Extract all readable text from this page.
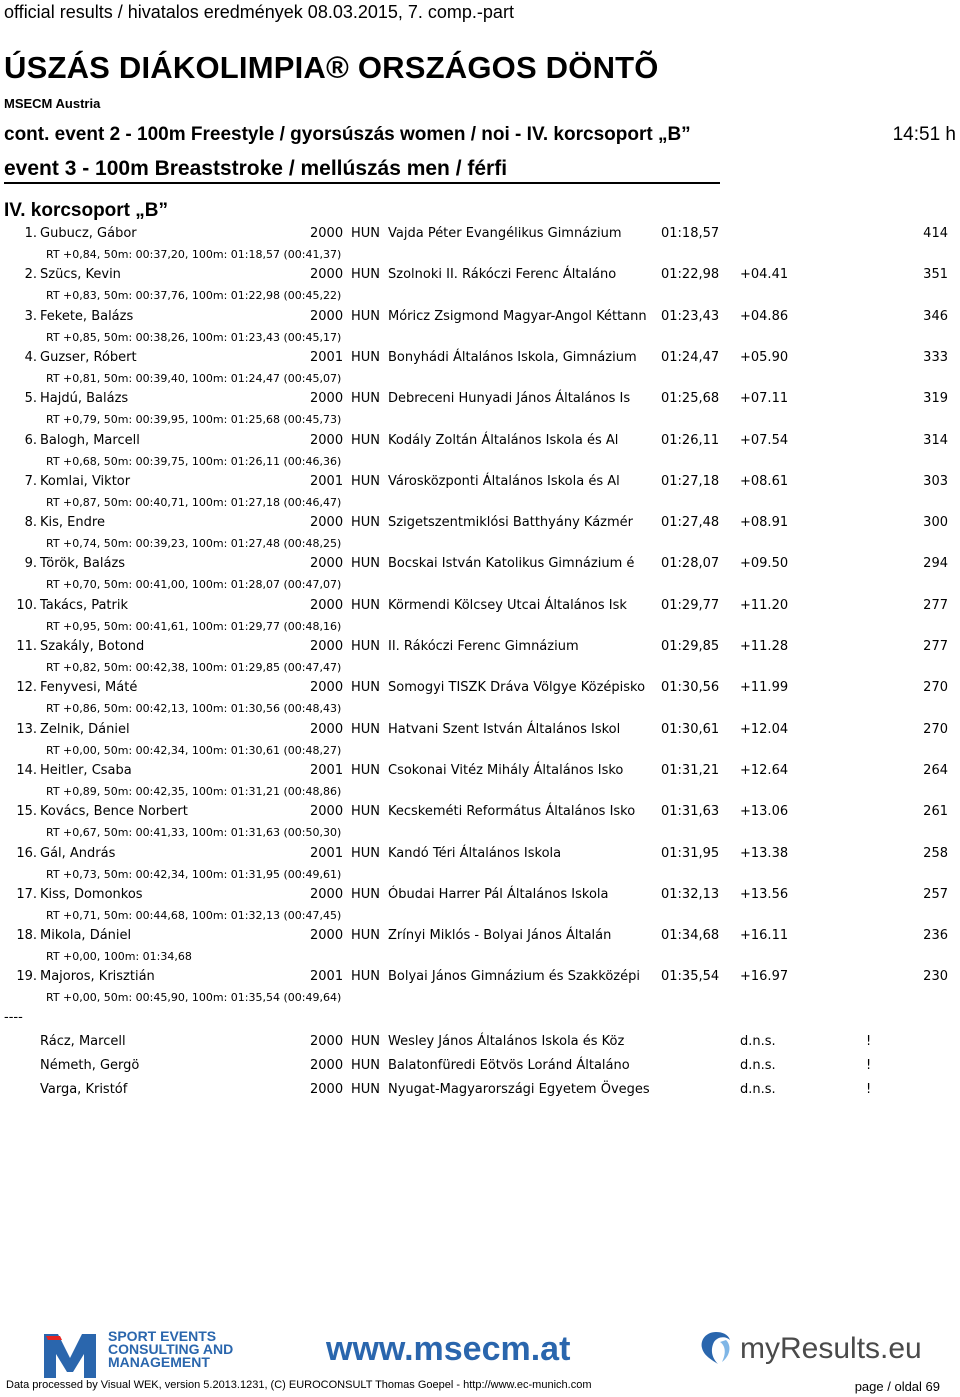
official results / hivatalos eredmények 08.03.2015, 7. comp.-part
ÚSZÁS DIÁKOLIMPIA® ORSZÁGOS DÖNTÕ
MSECM Austria
cont. event 2 - 100m Freestyle / gyorsúszás women / noi - IV. korcsoport „B”	14:51 h
event 3 - 100m Breaststroke / mellúszás men / férfi
IV. korcsoport „B”
1. Gubucz, Gábor	2000 HUN Vajda Péter Evangélikus Gimnázium	01:18,57	414
RT +0,84, 50m: 00:37,20, 100m: 01:18,57 (00:41,37)
2. Szücs, Kevin	2000 HUN Szolnoki II. Rákóczi Ferenc Általáno	01:22,98 +04.41	351
RT +0,83, 50m: 00:37,76, 100m: 01:22,98 (00:45,22)
3. Fekete, Balázs	2000 HUN Móricz Zsigmond Magyar-Angol Kéttann 01:23,43 +04.86	346
RT +0,85, 50m: 00:38,26, 100m: 01:23,43 (00:45,17)
4. Guzser, Róbert	2001 HUN Bonyhádi Általános Iskola, Gimnázium 01:24,47 +05.90	333
RT +0,81, 50m: 00:39,40, 100m: 01:24,47 (00:45,07)
5. Hajdú, Balázs	2000 HUN Debreceni Hunyadi János Általános Is 01:25,68 +07.11	319
RT +0,79, 50m: 00:39,95, 100m: 01:25,68 (00:45,73)
6. Balogh, Marcell	2000 HUN Kodály Zoltán Általános Iskola és Al	01:26,11 +07.54	314
RT +0,68, 50m: 00:39,75, 100m: 01:26,11 (00:46,36)
7. Komlai, Viktor	2001 HUN Városközponti Általános Iskola és Al	01:27,18 +08.61	303
RT +0,87, 50m: 00:40,71, 100m: 01:27,18 (00:46,47)
8. Kis, Endre	2000 HUN Szigetszentmiklósi Batthyány Kázmér 01:27,48 +08.91	300
RT +0,74, 50m: 00:39,23, 100m: 01:27,48 (00:48,25)
9. Török, Balázs	2000 HUN Bocskai István Katolikus Gimnázium é 01:28,07 +09.50	294
RT +0,70, 50m: 00:41,00, 100m: 01:28,07 (00:47,07)
10. Takács, Patrik	2000 HUN Körmendi Kölcsey Utcai Általános Isk	01:29,77 +11.20	277
RT +0,95, 50m: 00:41,61, 100m: 01:29,77 (00:48,16)
11. Szakály, Botond	2000 HUN II. Rákóczi Ferenc Gimnázium	01:29,85 +11.28	277
RT +0,82, 50m: 00:42,38, 100m: 01:29,85 (00:47,47)
12. Fenyvesi, Máté	2000 HUN Somogyi TISZK Dráva Völgye Középisko 01:30,56 +11.99	270
RT +0,86, 50m: 00:42,13, 100m: 01:30,56 (00:48,43)
13. Zelnik, Dániel	2000 HUN Hatvani Szent István Általános Iskol	01:30,61 +12.04	270
RT +0,00, 50m: 00:42,34, 100m: 01:30,61 (00:48,27)
14. Heitler, Csaba	2001 HUN Csokonai Vitéz Mihály Általános Isko	01:31,21 +12.64	264
RT +0,89, 50m: 00:42,35, 100m: 01:31,21 (00:48,86)
15. Kovács, Bence Norbert	2000 HUN Kecskeméti Református Általános Isko 01:31,63 +13.06	261
RT +0,67, 50m: 00:41,33, 100m: 01:31,63 (00:50,30)
16. Gál, András	2001 HUN Kandó Téri Általános Iskola	01:31,95 +13.38	258
RT +0,73, 50m: 00:42,34, 100m: 01:31,95 (00:49,61)
17. Kiss, Domonkos	2000 HUN Óbudai Harrer Pál Általános Iskola	01:32,13 +13.56	257
RT +0,71, 50m: 00:44,68, 100m: 01:32,13 (00:47,45)
18. Mikola, Dániel	2000 HUN Zrínyi Miklós - Bolyai János Általán	01:34,68 +16.11	236
RT +0,00, 100m: 01:34,68
19. Majoros, Krisztián	2001 HUN Bolyai János Gimnázium és Szakközépi 01:35,54 +16.97	230
RT +0,00, 50m: 00:45,90, 100m: 01:35,54 (00:49,64)
----
Rácz, Marcell	2000 HUN Wesley János Általános Iskola és Köz	d.n.s.	!
Németh, Gergö	2000 HUN Balatonfüredi Eötvös Loránd Általáno	d.n.s.	!
Varga, Kristóf	2000 HUN Nyugat-Magyarországi Egyetem Öveges	d.n.s.	!
SPORT EVENTS
CONSULTING AND
MANAGEMENT	www.msecm.at	myResults.eu
Data processed by Visual WEK, version 5.2013.1231, (C) EUROCONSULT Thomas Goepel - http://www.ec-munich.com	page / oldal 69
